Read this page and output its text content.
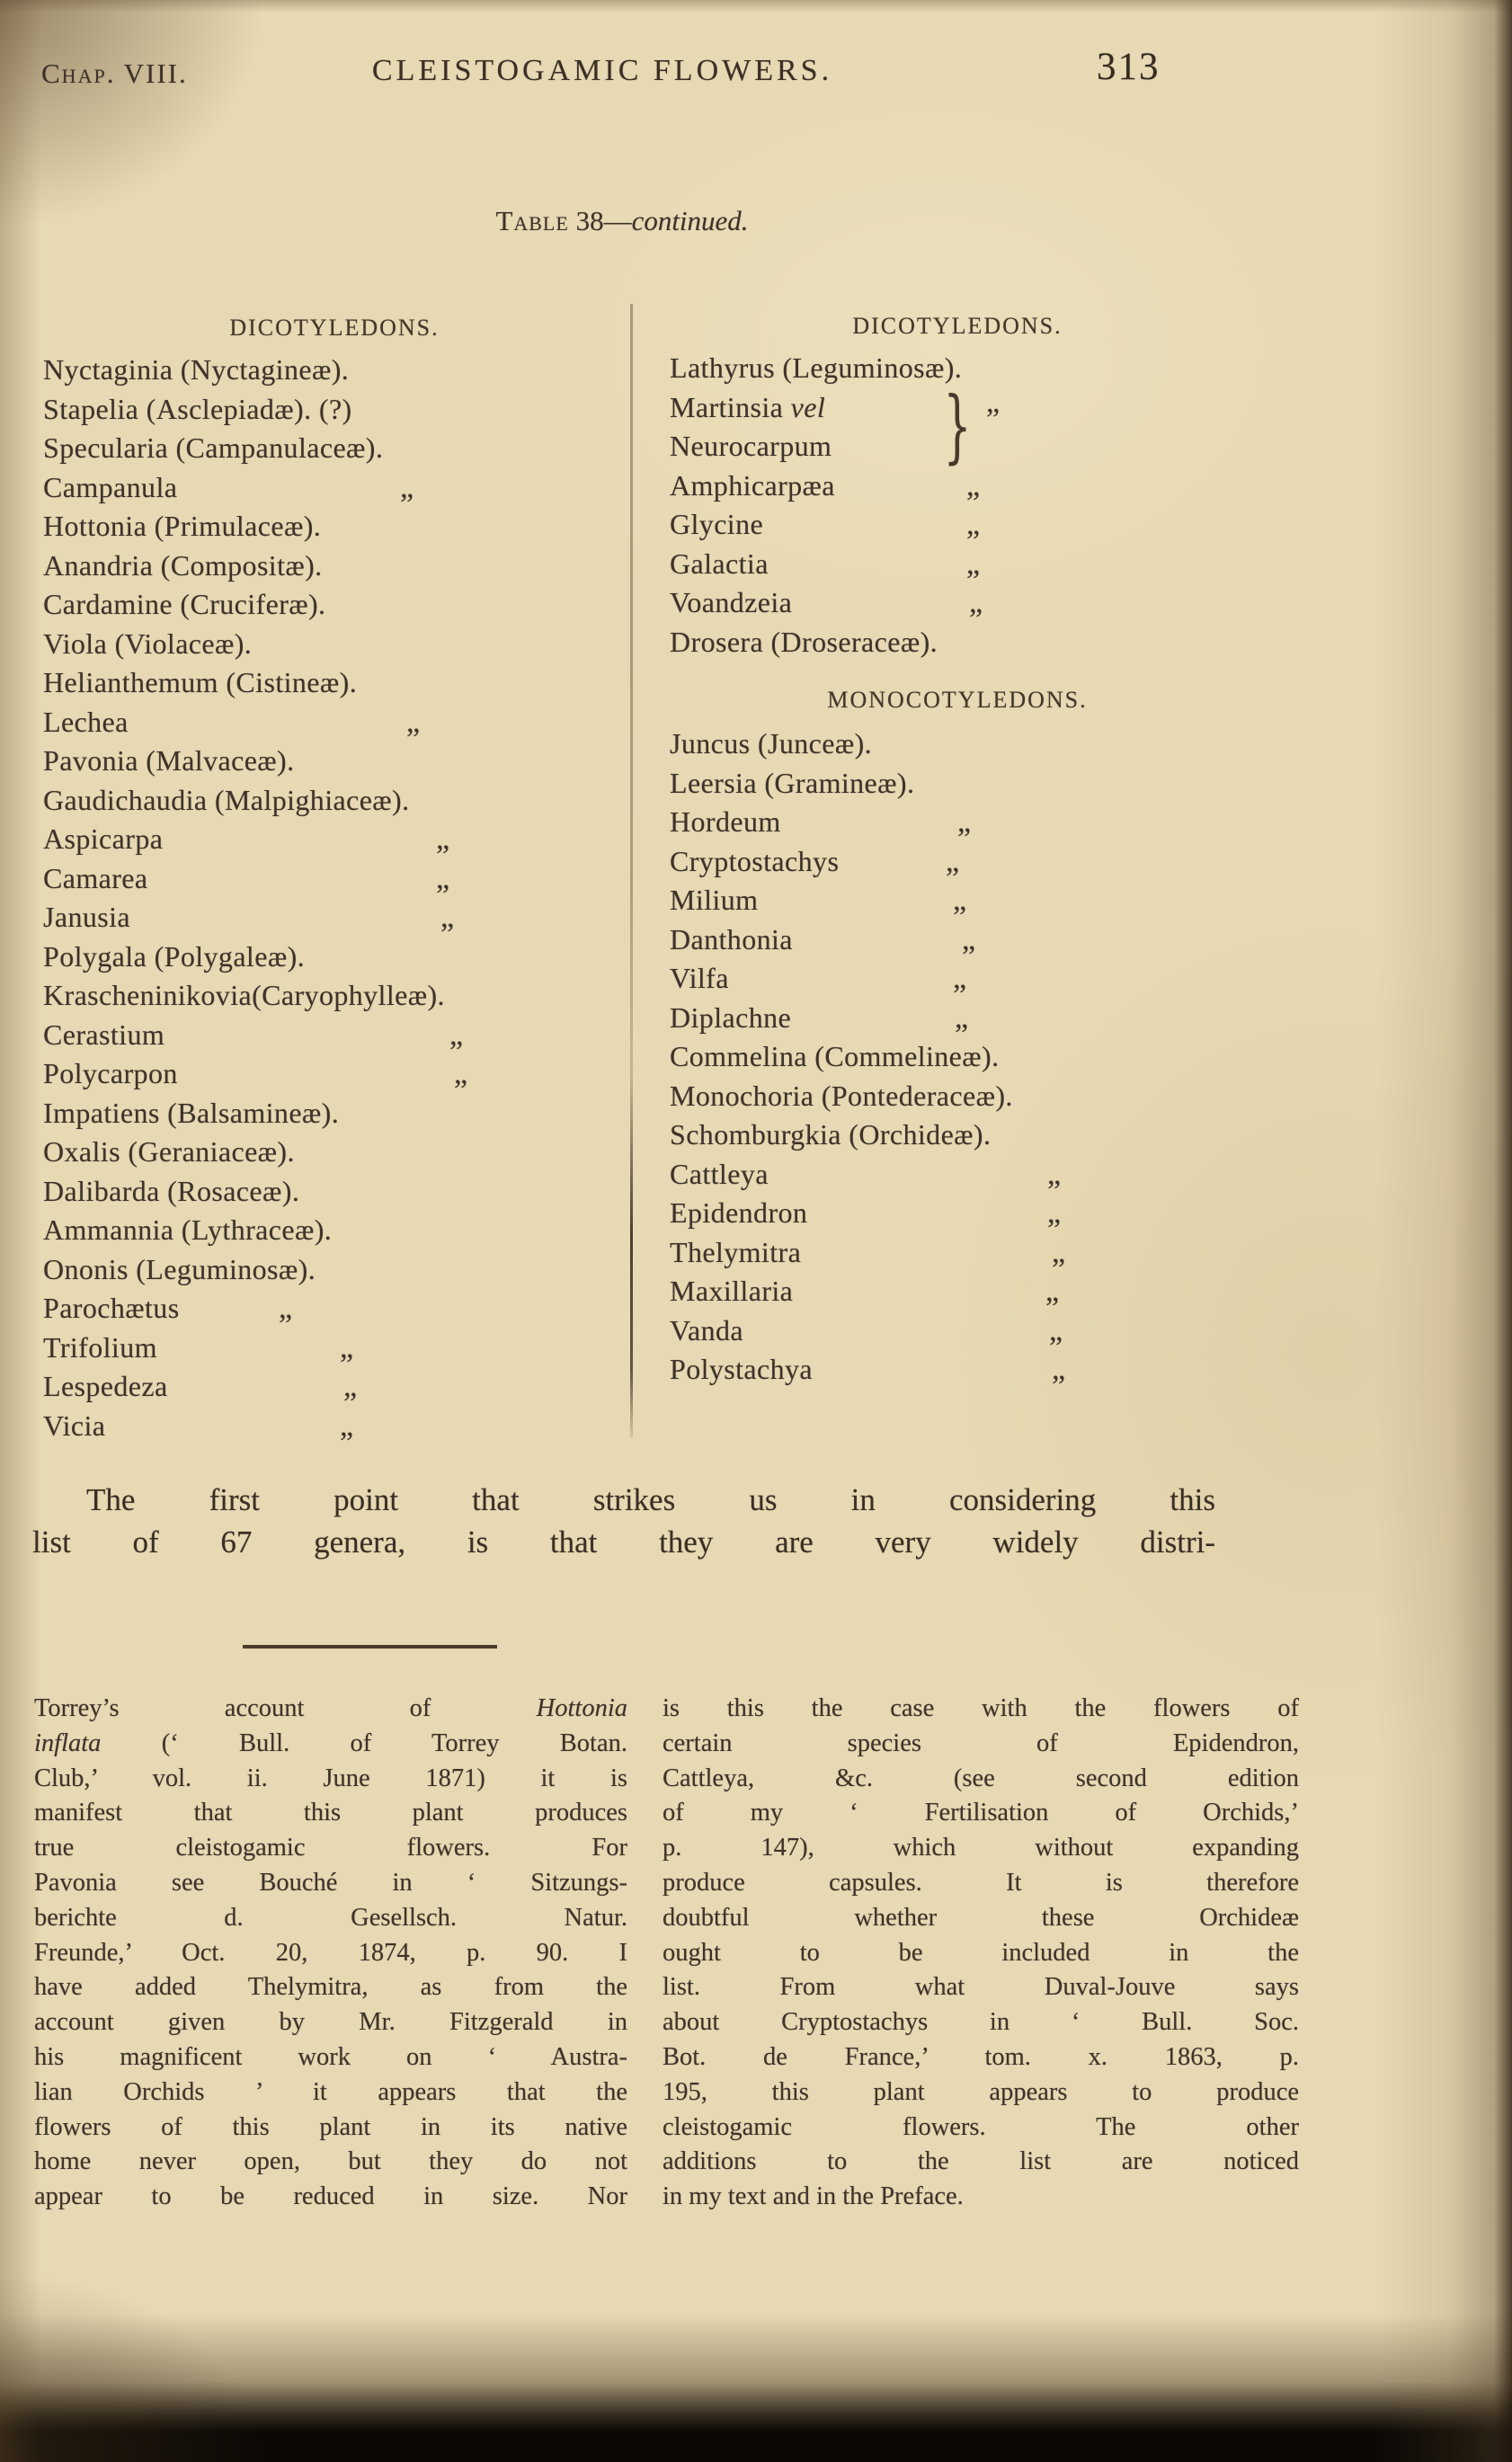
Chap. VIII.	CLEISTOGAMIC FLOWERS.	313
Table 38—continued.
DICOTYLEDONS.
Nyctaginia (Nyctagineæ).
Stapelia (Asclepiadæ). (?)
Specularia (Campanulaceæ).
Campanula	„
Hottonia (Primulaceæ).
Anandria (Compositæ).
Cardamine (Cruciferæ).
Viola (Violaceæ).
Helianthemum (Cistineæ).
Lechea	„
Pavonia (Malvaceæ).
Gaudichaudia (Malpighiaceæ).
Aspicarpa	„
Camarea	„
Janusia	„
Polygala (Polygaleæ).
Krascheninikovia(Caryophylleæ).
Cerastium	„
Polycarpon	„
Impatiens (Balsamineæ).
Oxalis (Geraniaceæ).
Dalibarda (Rosaceæ).
Ammannia (Lythraceæ).
Ononis (Leguminosæ).
Parochætus	„
Trifolium	„
Lespedeza	„
Vicia	„
DICOTYLEDONS.
Lathyrus (Leguminosæ).
Martinsia vel
Neurocarpum	} ”
Amphicarpæa	„
Glycine	„
Galactia	„
Voandzeia	„
Drosera (Droseraceæ).
MONOCOTYLEDONS.
Juncus (Junceæ).
Leersia (Gramineæ).
Hordeum	„
Cryptostachys	„
Milium	„
Danthonia	„
Vilfa	„
Diplachne	„
Commelina (Commelineæ).
Monochoria (Pontederaceæ).
Schomburgkia (Orchideæ).
Cattleya	„
Epidendron	„
Thelymitra	„
Maxillaria	„
Vanda	„
Polystachya	„
The first point that strikes us in considering this
list of 67 genera, is that they are very widely distri-
Torrey’s account of Hottonia
inflata (‘ Bull. of Torrey Botan.
Club,’ vol. ii. June 1871) it is
manifest that this plant produces
true cleistogamic flowers. For
Pavonia see Bouché in ‘ Sitzungs-
berichte d. Gesellsch. Natur.
Freunde,’ Oct. 20, 1874, p. 90. I
have added Thelymitra, as from the
account given by Mr. Fitzgerald in
his magnificent work on ‘ Austra-
lian Orchids ’ it appears that the
flowers of this plant in its native
home never open, but they do not
appear to be reduced in size. Nor
is this the case with the flowers of
certain species of Epidendron,
Cattleya, &c. (see second edition
of my ‘ Fertilisation of Orchids,’
p. 147), which without expanding
produce capsules. It is therefore
doubtful whether these Orchideæ
ought to be included in the
list. From what Duval-Jouve says
about Cryptostachys in ‘ Bull. Soc.
Bot. de France,’ tom. x. 1863, p.
195, this plant appears to produce
cleistogamic flowers. The other
additions to the list are noticed
in my text and in the Preface.
